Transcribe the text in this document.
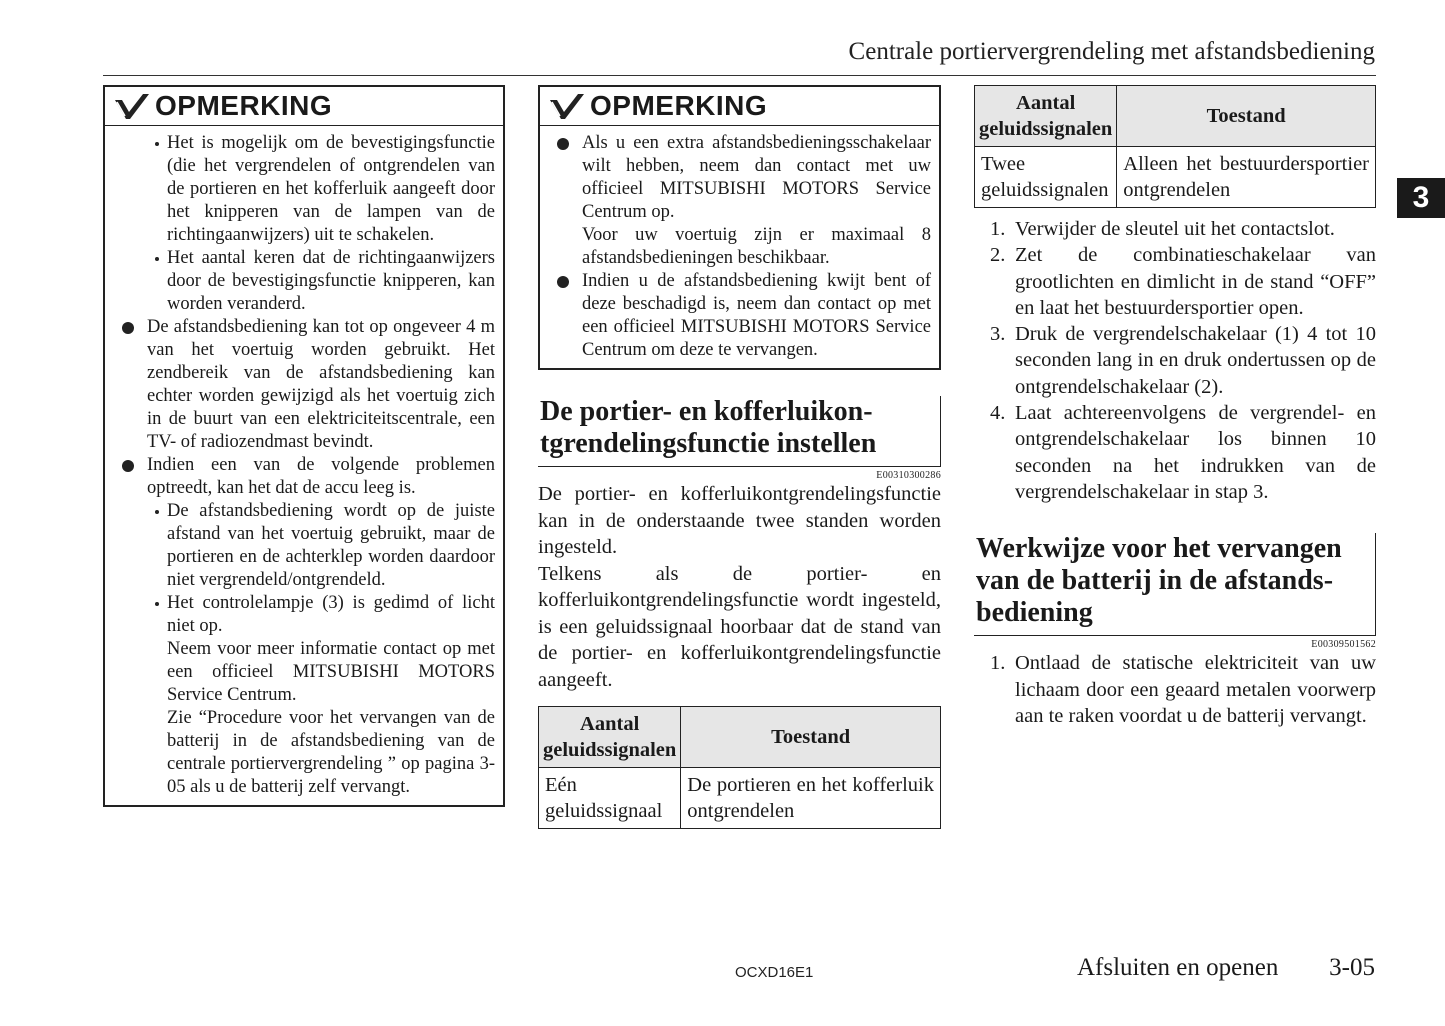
Centrale portiervergrendeling met afstandsbediening
3
OPMERKING
Het is mogelijk om de bevestigingsfunctie (die het vergrendelen of ontgrendelen van de portieren en het kofferluik aangeeft door het knipperen van de lampen van de richtingaanwijzers) uit te schakelen.
Het aantal keren dat de richtingaanwijzers door de bevestigingsfunctie knipperen, kan worden veranderd.
De afstandsbediening kan tot op ongeveer 4 m van het voertuig worden gebruikt. Het zendbereik van de afstandsbediening kan echter worden gewijzigd als het voertuig zich in de buurt van een elektriciteitscentrale, een TV- of radiozendmast bevindt.
Indien een van de volgende problemen optreedt, kan het dat de accu leeg is.
De afstandsbediening wordt op de juiste afstand van het voertuig gebruikt, maar de portieren en de achterklep worden daardoor niet vergrendeld/ontgrendeld.
Het controlelampje (3) is gedimd of licht niet op.
Neem voor meer informatie contact op met een officieel MITSUBISHI MOTORS Service Centrum.
Zie “Procedure voor het vervangen van de batterij in de afstandsbediening van de centrale portiervergrendeling ” op pagina 3-05 als u de batterij zelf vervangt.
OPMERKING
Als u een extra afstandsbedieningsschakelaar wilt hebben, neem dan contact met uw officieel MITSUBISHI MOTORS Service Centrum op.
Voor uw voertuig zijn er maximaal 8 afstandsbedieningen beschikbaar.
Indien u de afstandsbediening kwijt bent of deze beschadigd is, neem dan contact op met een officieel MITSUBISHI MOTORS Service Centrum om deze te vervangen.
De portier- en kofferluikon-
tgrendelingsfunctie instellen
E00310300286

De portier- en kofferluikontgrendelingsfunctie kan in de onderstaande twee standen worden ingesteld.

Telkens als de portier- en kofferluikontgrendelingsfunctie wordt ingesteld, is een geluidssignaal hoorbaar dat de stand van de portier- en kofferluikontgrendelingsfunctie aangeeft.

Aantal geluidssignalen	Toestand
Eén geluidssignaal	De portieren en het kofferluik ontgrendelen
Aantal geluidssignalen	Toestand
Twee geluidssignalen	Alleen het bestuurdersportier ontgrendelen
1. Verwijder de sleutel uit het contactslot.
2. Zet de combinatieschakelaar van grootlichten en dimlicht in de stand “OFF” en laat het bestuurdersportier open.
3. Druk de vergrendelschakelaar (1) 4 tot 10 seconden lang in en druk ondertussen op de ontgrendelschakelaar (2).
4. Laat achtereenvolgens de vergrendel- en ontgrendelschakelaar los binnen 10 seconden na het indrukken van de vergrendelschakelaar in stap 3.
Werkwijze voor het vervangen
van de batterij in de afstands-
bediening
E00309501562
1. Ontlaad de statische elektriciteit van uw lichaam door een geaard metalen voorwerp aan te raken voordat u de batterij vervangt.
OCXD16E1	Afsluiten en openen 3-05
